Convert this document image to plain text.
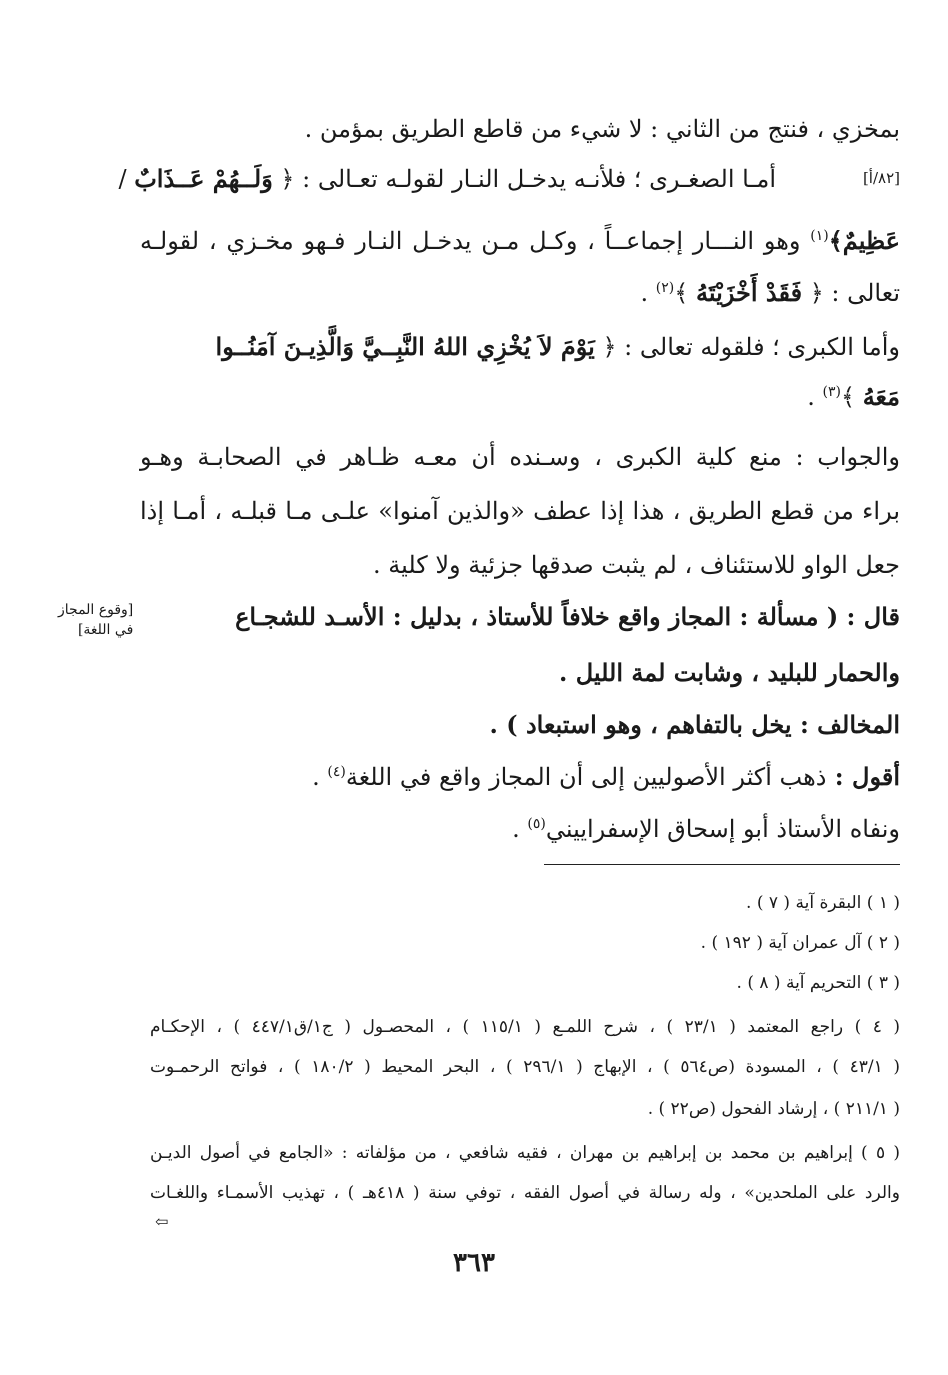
بمخزي ، فنتج من الثاني : لا شيء من قاطع الطريق بمؤمن .
أمـا الصغـرى ؛ فلأنـه يدخـل النـار لقولـه تعـالى : ﴿ وَلَــهُمْ عَــذَابٌ /	[٨٢/أ]
عَظِيمٌ﴾$^{(١)}$ وهو النـــار إجماعــاً ، وكـل مـن يدخـل النـار فـهو مخـزي ، لقولـه
تعالى : ﴿ فَقَدْ أَخْزَيْتَهُ ﴾$^{(٢)}$ .
وأما الكبرى ؛ فلقوله تعالى : ﴿ يَوْمَ لاَ يُخْزِي اللهُ النَّبِــيَّ وَالَّذِيـنَ آمَنُــوا
مَعَهُ ﴾$^{(٣)}$ .
والجواب : منع كلية الكبرى ، وسـنده أن معـه ظـاهر في الصحابـة وهـو
براء من قطع الطريق ، هذا إذا عطف «والذين آمنوا» علـى مـا قبلـه ، أمـا إذا
جعل الواو للاستئناف ، لم يثبت صدقها جزئية ولا كلية .
قال : ( مسألة : المجاز واقع خلافاً للأستاذ ، بدليل : الأسـد للشجـاع
[وقوع المجاز
في اللغة]
والحمار للبليد ، وشابت لمة الليل .
المخالف : يخل بالتفاهم ، وهو استبعاد ) .
أقول : ذهب أكثر الأصوليين إلى أن المجاز واقع في اللغة$^{(٤)}$ .
ونفاه الأستاذ أبو إسحاق الإسفراييني$^{(٥)}$ .
( ١ ) البقرة آية ( ٧ ) .
( ٢ ) آل عمران آية ( ١٩٢ ) .
( ٣ ) التحريم آية ( ٨ ) .
( ٤ ) راجع المعتمد ( ٢٣/١ ) ، شرح اللمـع ( ١١٥/١ ) ، المحصـول ( ج١/ق٤٤٧/١ ) ، الإحكـام
( ٤٣/١ ) ، المسودة (ص٥٦٤ ) ، الإبهاج ( ٢٩٦/١ ) ، البحر المحيط ( ١٨٠/٢ ) ، فواتح الرحمـوت
( ٢١١/١ ) ، إرشاد الفحول (ص٢٢ ) .
( ٥ ) إبراهيم بن محمد بن إبراهيم بن مهران ، فقيه شافعي ، من مؤلفاته : «الجامع في أصول الديـن
والرد على الملحدين» ، وله رسالة في أصول الفقه ، توفي سنة ( ٤١٨هـ ) ، تهذيب الأسمـاء واللغـات
⇦
٣٦٣
